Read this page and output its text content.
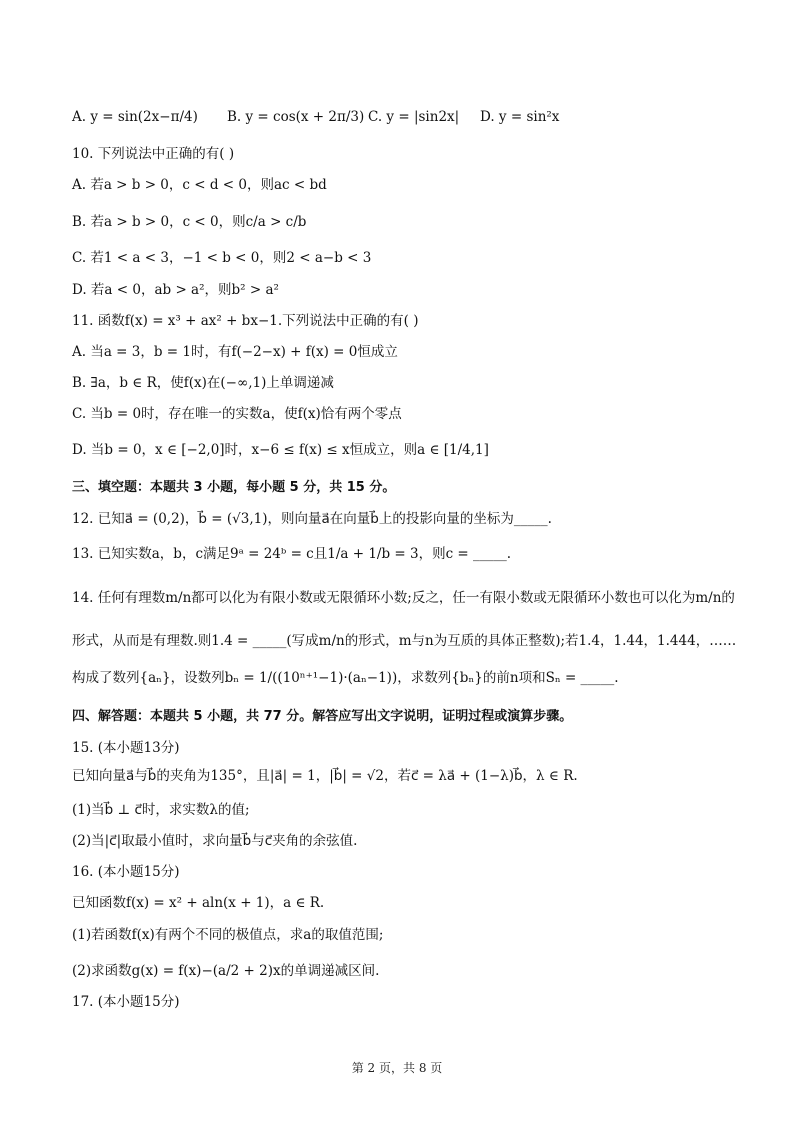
A. y = sin(2x−π/4) B. y = cos(x + 2π/3) C. y = |sin2x| D. y = sin²x
10. 下列说法中正确的有( )
A. 若a > b > 0，c < d < 0，则ac < bd
B. 若a > b > 0，c < 0，则c/a > c/b
C. 若1 < a < 3，−1 < b < 0，则2 < a−b < 3
D. 若a < 0，ab > a²，则b² > a²
11. 函数f(x) = x³ + ax² + bx−1.下列说法中正确的有( )
A. 当a = 3，b = 1时，有f(−2−x) + f(x) = 0恒成立
B. ∃a，b ∈ R，使f(x)在(−∞,1)上单调递减
C. 当b = 0时，存在唯一的实数a，使f(x)恰有两个零点
D. 当b = 0，x ∈ [−2,0]时，x−6 ≤ f(x) ≤ x恒成立，则a ∈ [1/4,1]
三、填空题：本题共 3 小题，每小题 5 分，共 15 分。
12. 已知a⃗ = (0,2)，b⃗ = (√3,1)，则向量a⃗在向量b⃗上的投影向量的坐标为_____.
13. 已知实数a，b，c满足9ᵃ = 24ᵇ = c且1/a + 1/b = 3，则c = _____.
14. 任何有理数m/n都可以化为有限小数或无限循环小数;反之，任一有限小数或无限循环小数也可以化为m/n的
形式，从而是有理数.则1.4 = _____(写成m/n的形式，m与n为互质的具体正整数);若1.4，1.44，1.444，……
构成了数列{aₙ}，设数列bₙ = 1/((10ⁿ⁺¹−1)·(aₙ−1))，求数列{bₙ}的前n项和Sₙ = _____.
四、解答题：本题共 5 小题，共 77 分。解答应写出文字说明，证明过程或演算步骤。
15. (本小题13分)
已知向量a⃗与b⃗的夹角为135°，且|a⃗| = 1，|b⃗| = √2，若c⃗ = λa⃗ + (1−λ)b⃗，λ ∈ R.
(1)当b⃗ ⊥ c⃗时，求实数λ的值;
(2)当|c⃗|取最小值时，求向量b⃗与c⃗夹角的余弦值.
16. (本小题15分)
已知函数f(x) = x² + aln(x + 1)，a ∈ R.
(1)若函数f(x)有两个不同的极值点，求a的取值范围;
(2)求函数g(x) = f(x)−(a/2 + 2)x的单调递减区间.
17. (本小题15分)
第 2 页，共 8 页
